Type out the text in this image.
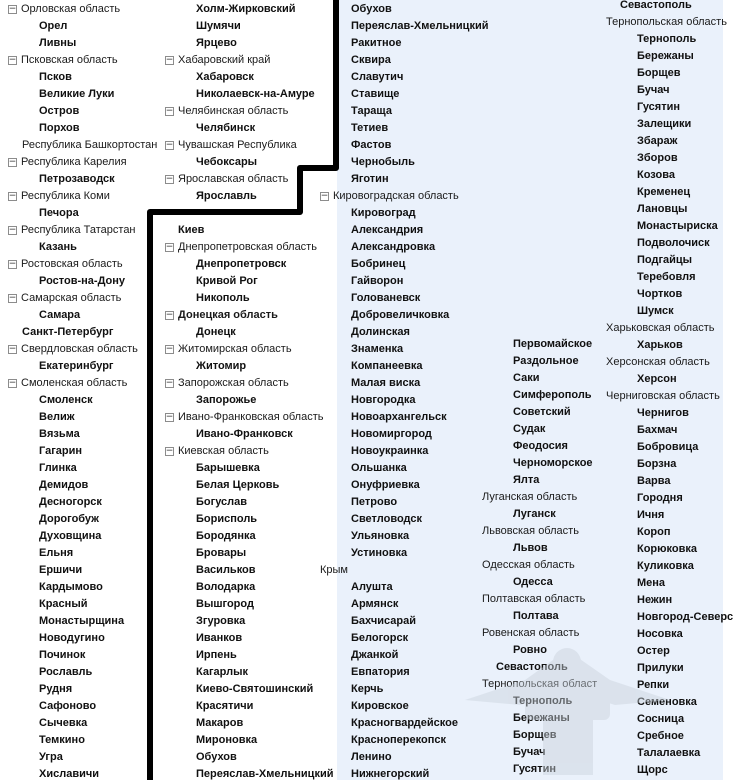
−
Орловская область
Орел
Ливны
−
Псковская область
Псков
Великие Луки
Остров
Порхов
Республика Башкортостан
−
Республика Карелия
Петрозаводск
−
Республика Коми
Печора
−
Республика Татарстан
Казань
−
Ростовская область
Ростов-на-Дону
−
Самарская область
Самара
Санкт-Петербург
−
Свердловская область
Екатеринбург
−
Смоленская область
Смоленск
Велиж
Вязьма
Гагарин
Глинка
Демидов
Десногорск
Дорогобуж
Духовщина
Ельня
Ершичи
Кардымово
Красный
Монастырщина
Новодугино
Починок
Рославль
Рудня
Сафоново
Сычевка
Темкино
Угра
Хиславичи
Холм-Жирковский
Шумячи
Ярцево
−
Хабаровский край
Хабаровск
Николаевск-на-Амуре
−
Челябинская область
Челябинск
−
Чувашская Республика
Чебоксары
−
Ярославская область
Ярославль
Киев
−
Днепропетровская область
Днепропетровск
Кривой Рог
Никополь
−
Донецкая область
Донецк
−
Житомирская область
Житомир
−
Запорожская область
Запорожье
−
Ивано-Франковская область
Ивано-Франковск
−
Киевская область
Барышевка
Белая Церковь
Богуслав
Борисполь
Бородянка
Бровары
Васильков
Володарка
Вышгород
Згуровка
Иванков
Ирпень
Кагарлык
Киево-Святошинский
Красятичи
Макаров
Мироновка
Обухов
Переяслав-Хмельницкий
Обухов
Переяслав-Хмельницкий
Ракитное
Сквира
Славутич
Ставище
Тараща
Тетиев
Фастов
Чернобыль
Яготин
−
Кировоградская область
Кировоград
Александрия
Александровка
Бобринец
Гайворон
Голованевск
Добровеличковка
Долинская
Знаменка
Компанеевка
Малая виска
Новгородка
Новоархангельск
Новомиргород
Новоукраинка
Ольшанка
Онуфриевка
Петрово
Светловодск
Ульяновка
Устиновка
Крым
Алушта
Армянск
Бахчисарай
Белогорск
Джанкой
Евпатория
Керчь
Кировское
Красногвардейское
Красноперекопск
Ленино
Нижнегорский
Первомайское
Раздольное
Саки
Симферополь
Советский
Судак
Феодосия
Черноморское
Ялта
Луганская область
Луганск
Львовская область
Львов
Одесская область
Одесса
Полтавская область
Полтава
Ровенская область
Ровно
Севастополь
Тернопольская област
Тернополь
Бережаны
Борщев
Бучач
Гусятин
Севастополь
Тернопольская область
Тернополь
Бережаны
Борщев
Бучач
Гусятин
Залещики
Збараж
Зборов
Козова
Кременец
Лановцы
Монастыриска
Подволочиск
Подгайцы
Теребовля
Чортков
Шумск
Харьковская область
Харьков
Херсонская область
Херсон
Черниговская область
Чернигов
Бахмач
Бобровица
Борзна
Варва
Городня
Ичня
Короп
Корюковка
Куликовка
Мена
Нежин
Новгород-Северс
Носовка
Остер
Прилуки
Репки
Семеновка
Сосница
Сребное
Талалаевка
Щорс
